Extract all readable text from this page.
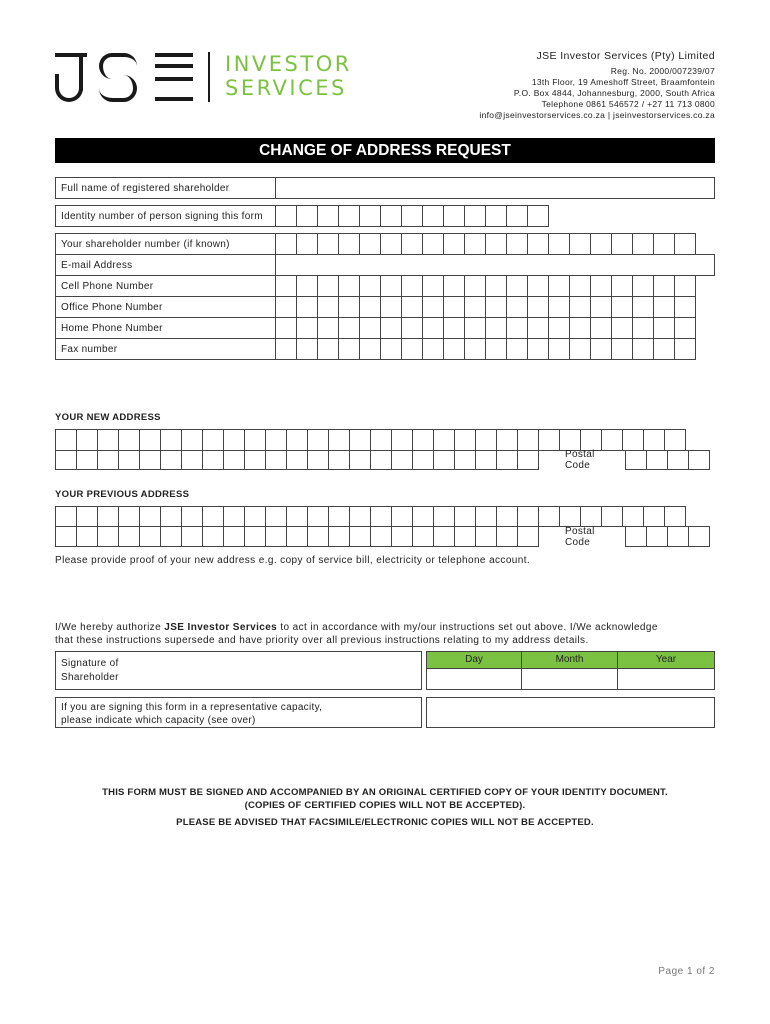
INVESTOR
SERVICES
JSE Investor Services (Pty) Limited
Reg. No. 2000/007239/07
13th Floor, 19 Ameshoff Street, Braamfontein
P.O. Box 4844, Johannesburg, 2000, South Africa
Telephone 0861 546572 / +27 11 713 0800
info@jseinvestorservices.co.za | jseinvestorservices.co.za
CHANGE OF ADDRESS REQUEST
Full name of registered shareholder
Identity number of person signing this form
Your shareholder number (if known)
E-mail Address
Cell Phone Number
Office Phone Number
Home Phone Number
Fax number
YOUR NEW ADDRESS
Postal Code
YOUR PREVIOUS ADDRESS
Postal Code
Please provide proof of your new address e.g. copy of service bill, electricity or telephone account.
I/We hereby authorize JSE Investor Services to act in accordance with my/our instructions set out above. I/We acknowledge
that these instructions supersede and have priority over all previous instructions relating to my address details.
Signature of
Shareholder
Day	Month	Year
If you are signing this form in a representative capacity,
please indicate which capacity (see over)
THIS FORM MUST BE SIGNED AND ACCOMPANIED BY AN ORIGINAL CERTIFIED COPY OF YOUR IDENTITY DOCUMENT.
(COPIES OF CERTIFIED COPIES WILL NOT BE ACCEPTED).
PLEASE BE ADVISED THAT FACSIMILE/ELECTRONIC COPIES WILL NOT BE ACCEPTED.
Page 1 of 2
